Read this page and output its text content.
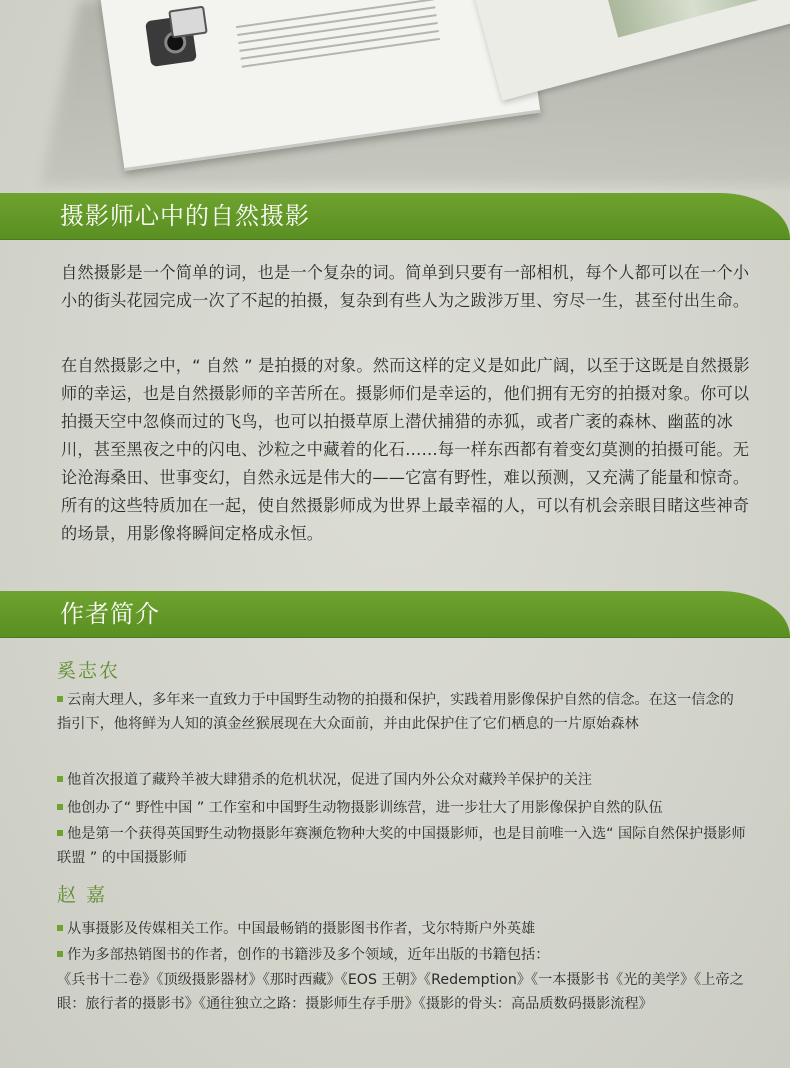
摄影师心中的自然摄影
自然摄影是一个简单的词，也是一个复杂的词。简单到只要有一部相机，每个人都可以在一个小小的街头花园完成一次了不起的拍摄，复杂到有些人为之跋涉万里、穷尽一生，甚至付出生命。
在自然摄影之中，“ 自然 ” 是拍摄的对象。然而这样的定义是如此广阔，以至于这既是自然摄影师的幸运，也是自然摄影师的辛苦所在。摄影师们是幸运的，他们拥有无穷的拍摄对象。你可以拍摄天空中忽倏而过的飞鸟，也可以拍摄草原上潜伏捕猎的赤狐，或者广袤的森林、幽蓝的冰川，甚至黑夜之中的闪电、沙粒之中藏着的化石……每一样东西都有着变幻莫测的拍摄可能。无论沧海桑田、世事变幻，自然永远是伟大的——它富有野性，难以预测，又充满了能量和惊奇。所有的这些特质加在一起，使自然摄影师成为世界上最幸福的人，可以有机会亲眼目睹这些神奇的场景，用影像将瞬间定格成永恒。
作者简介
奚志农
云南大理人，多年来一直致力于中国野生动物的拍摄和保护，实践着用影像保护自然的信念。在这一信念的指引下，他将鲜为人知的滇金丝猴展现在大众面前，并由此保护住了它们栖息的一片原始森林
他首次报道了藏羚羊被大肆猎杀的危机状况，促进了国内外公众对藏羚羊保护的关注
他创办了“ 野性中国 ” 工作室和中国野生动物摄影训练营，进一步壮大了用影像保护自然的队伍
他是第一个获得英国野生动物摄影年赛濒危物种大奖的中国摄影师，也是目前唯一入选“ 国际自然保护摄影师联盟 ” 的中国摄影师
赵 嘉
从事摄影及传媒相关工作。中国最畅销的摄影图书作者，戈尔特斯户外英雄
作为多部热销图书的作者，创作的书籍涉及多个领域，近年出版的书籍包括：
《兵书十二卷》《顶级摄影器材》《那时西藏》《EOS 王朝》《Redemption》《一本摄影书《光的美学》《上帝之眼：旅行者的摄影书》《通往独立之路：摄影师生存手册》《摄影的骨头：高品质数码摄影流程》
